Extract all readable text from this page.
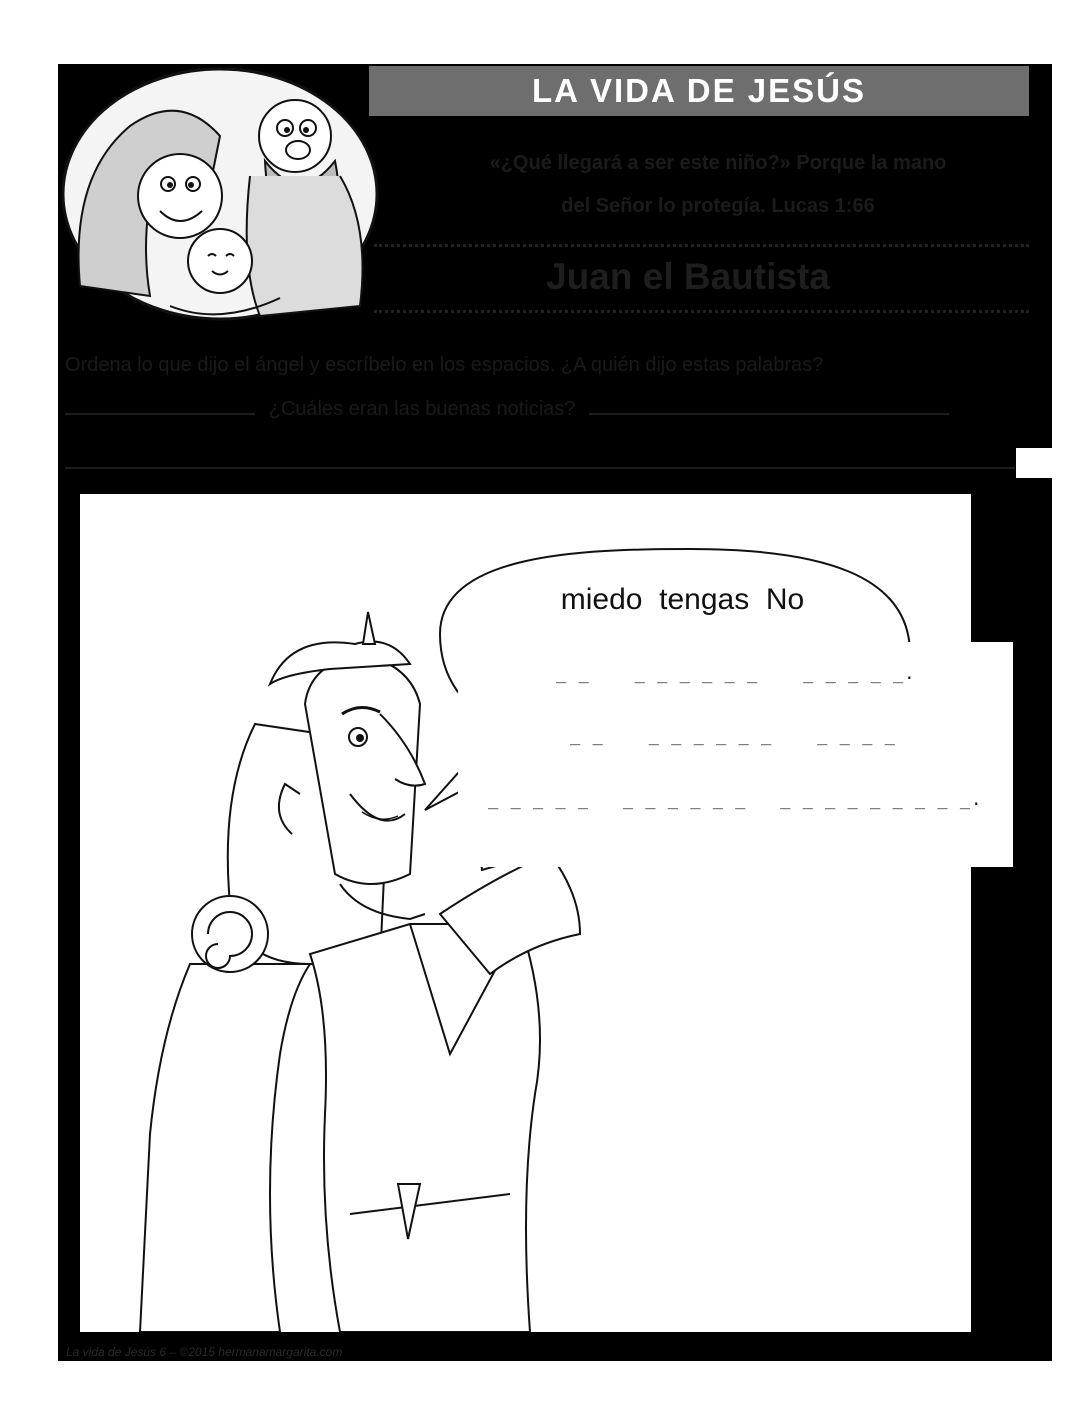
LA VIDA DE JESÚS
«¿Qué llegará a ser este niño?» Porque la mano
del Señor lo protegía. Lucas 1:66
Juan el Bautista
Ordena lo que dijo el ángel y escríbelo en los espacios. ¿A quién dijo estas palabras?
¿Cuáles eran las buenas noticias?
miedo  tengas  No
_ _    _ _ _ _ _ _    _ _ _ _ _.
_ _    _ _ _ _ _ _    _ _ _ _
_ _ _ _ _   _ _ _ _ _ _   _ _ _ _ _ _ _ _ _.
La vida de Jesús 6 – ©2015 hermanamargarita.com
